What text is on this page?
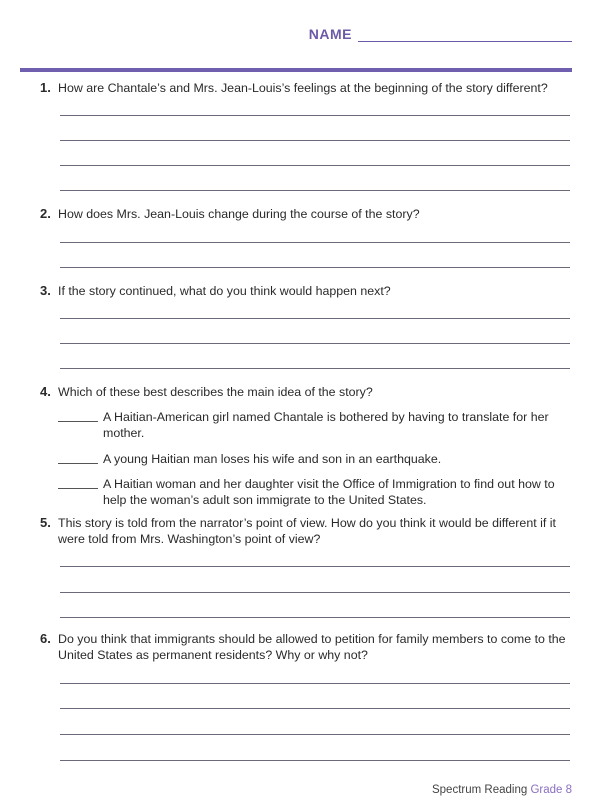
NAME
1. How are Chantale’s and Mrs. Jean-Louis’s feelings at the beginning of the story different?
2. How does Mrs. Jean-Louis change during the course of the story?
3. If the story continued, what do you think would happen next?
4. Which of these best describes the main idea of the story?
A Haitian-American girl named Chantale is bothered by having to translate for her mother.
A young Haitian man loses his wife and son in an earthquake.
A Haitian woman and her daughter visit the Office of Immigration to find out how to help the woman’s adult son immigrate to the United States.
5. This story is told from the narrator’s point of view. How do you think it would be different if it were told from Mrs. Washington’s point of view?
6. Do you think that immigrants should be allowed to petition for family members to come to the United States as permanent residents? Why or why not?
Spectrum Reading Grade 8
